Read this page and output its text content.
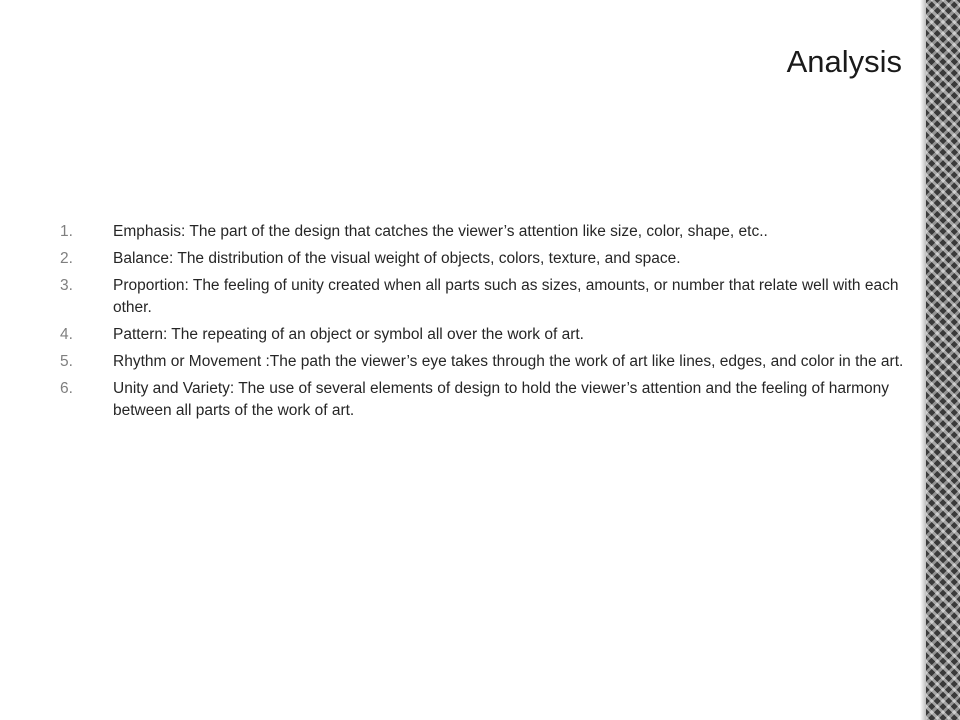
Analysis
1.	Emphasis: The part of the design that catches the viewer’s attention like size, color, shape, etc..
2.	Balance: The distribution of the visual weight of objects, colors, texture, and space.
3.	Proportion: The feeling of unity created when all parts such as sizes, amounts, or number that relate well with each other.
4.	Pattern: The repeating of an object or symbol all over the work of art.
5.	Rhythm or Movement :The path the viewer’s eye takes through the work of art like lines, edges, and color in the art.
6.	Unity and Variety: The use of several elements of design to hold the viewer’s attention and the feeling of harmony between all parts of the work of art.
